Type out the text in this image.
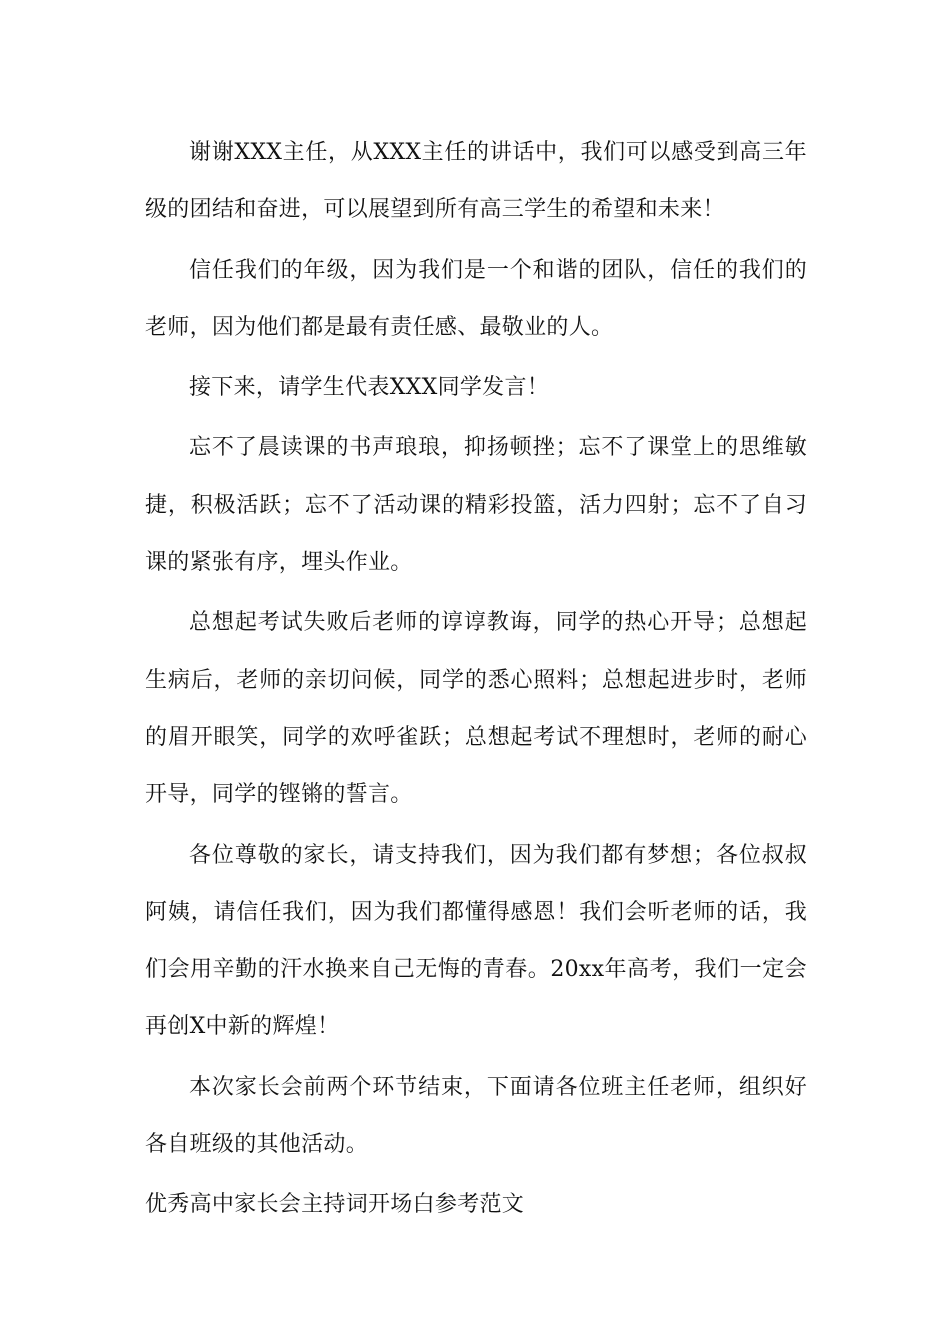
谢谢XXX主任，从XXX主任的讲话中，我们可以感受到高三年级的团结和奋进，可以展望到所有高三学生的希望和未来！

信任我们的年级，因为我们是一个和谐的团队，信任的我们的老师，因为他们都是最有责任感、最敬业的人。

接下来，请学生代表XXX同学发言！

忘不了晨读课的书声琅琅，抑扬顿挫；忘不了课堂上的思维敏捷，积极活跃；忘不了活动课的精彩投篮，活力四射；忘不了自习课的紧张有序，埋头作业。

总想起考试失败后老师的谆谆教诲，同学的热心开导；总想起生病后，老师的亲切问候，同学的悉心照料；总想起进步时，老师的眉开眼笑，同学的欢呼雀跃；总想起考试不理想时，老师的耐心开导，同学的铿锵的誓言。

各位尊敬的家长，请支持我们，因为我们都有梦想；各位叔叔阿姨，请信任我们，因为我们都懂得感恩！我们会听老师的话，我们会用辛勤的汗水换来自己无悔的青春。20xx年高考，我们一定会再创X中新的辉煌！

本次家长会前两个环节结束，下面请各位班主任老师，组织好各自班级的其他活动。

优秀高中家长会主持词开场白参考范文
